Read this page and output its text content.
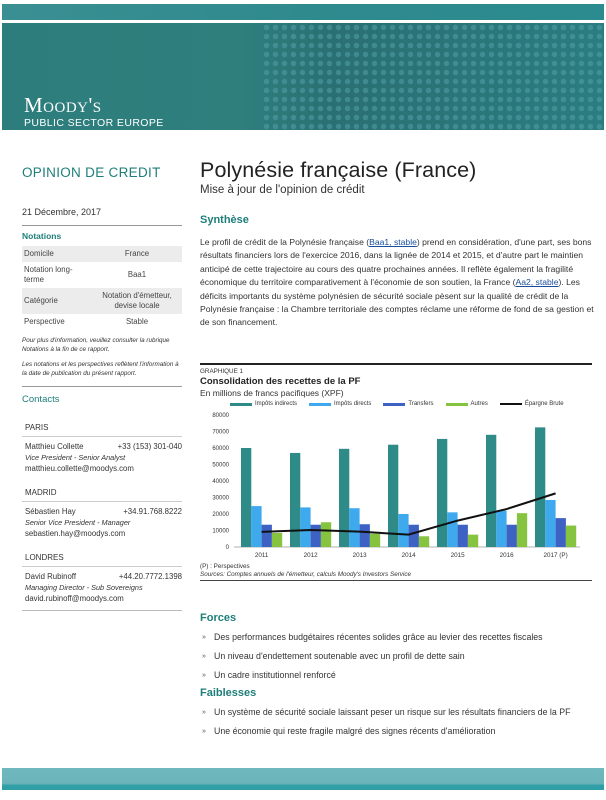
Moody's
PUBLIC SECTOR EUROPE
OPINION DE CREDIT
21 Décembre, 2017
Notations
Domicile	France
Notation long-terme	Baa1
Catégorie	Notation d'émetteur, devise locale
Perspective	Stable
Pour plus d'information, veuillez consulter la rubrique Notations à la fin de ce rapport.
Les notations et les perspectives reflètent l'information à la date de publication du présent rapport.
Contacts
PARIS
Matthieu Collette	+33 (153) 301-040
Vice President - Senior Analyst
matthieu.collette@moodys.com
MADRID
Sébastien Hay	+34.91.768.8222
Senior Vice President - Manager
sebastien.hay@moodys.com
LONDRES
David Rubinoff	+44.20.7772.1398
Managing Director - Sub Sovereigns
david.rubinoff@moodys.com
Polynésie française (France)
Mise à jour de l'opinion de crédit
Synthèse

Le profil de crédit de la Polynésie française (Baa1, stable) prend en considération, d'une part, ses bons résultats financiers lors de l'exercice 2016, dans la lignée de 2014 et 2015, et d'autre part le maintien anticipé de cette trajectoire au cours des quatre prochaines années. Il reflète également la fragilité économique du territoire comparativement à l'économie de son soutien, la France (Aa2, stable). Les déficits importants du système polynésien de sécurité sociale pèsent sur la qualité de crédit de la Polynésie française : la Chambre territoriale des comptes réclame une réforme de fond de sa gestion et de son financement.

GRAPHIQUE 1
Consolidation des recettes de la PF
En millions de francs pacifiques (XPF)
Impôts indirects	Impôts directs	Transfers	Autres	Épargne Brute
0
10000
20000
30000
40000
50000
60000
70000
80000
2011	2012	2013	2014	2015	2016	2017 (P)
(P) : Perspectives
Sources: Comptes annuels de l'émetteur, calculs Moody's Investors Service
Forces
» Des performances budgétaires récentes solides grâce au levier des recettes fiscales
» Un niveau d'endettement soutenable avec un profil de dette sain
» Un cadre institutionnel renforcé
Faiblesses
» Un système de sécurité sociale laissant peser un risque sur les résultats financiers de la PF
» Une économie qui reste fragile malgré des signes récents d'amélioration
